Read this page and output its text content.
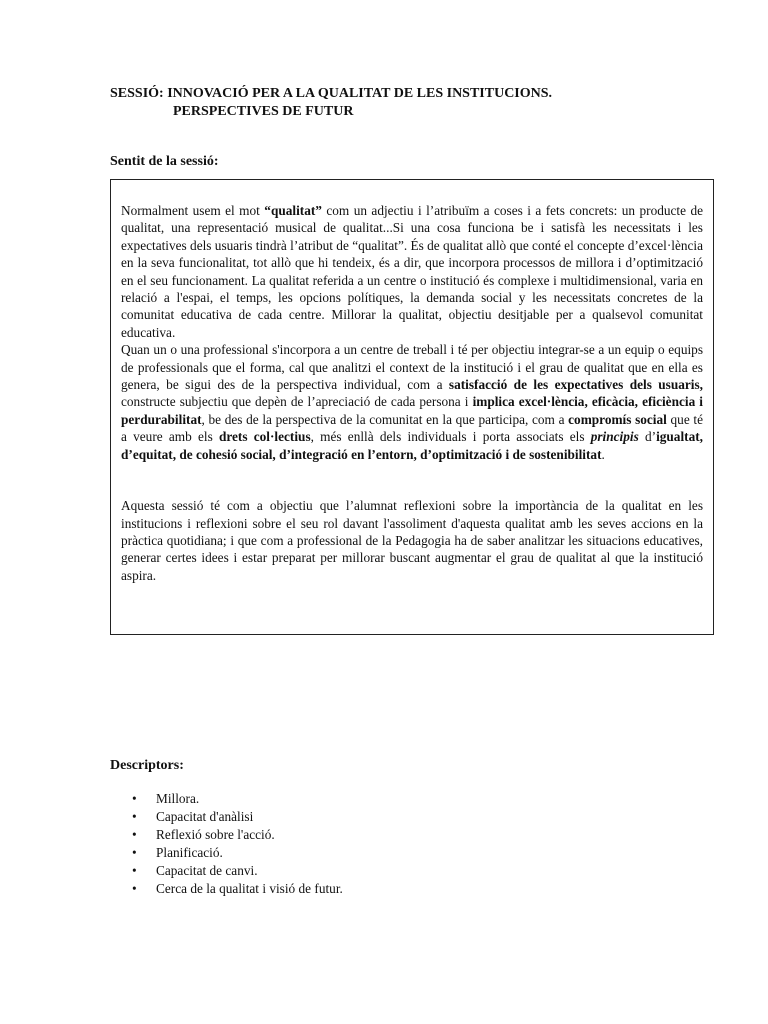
SESSIÓ: INNOVACIÓ PER A LA QUALITAT DE LES INSTITUCIONS.
PERSPECTIVES DE FUTUR
Sentit de la sessió:

Normalment usem el mot “qualitat” com un adjectiu i l’atribuïm a coses i a fets concrets: un producte de qualitat, una representació musical de qualitat...Si una cosa funciona be i satisfà les necessitats i les expectatives dels usuaris tindrà l’atribut de “qualitat”. És de qualitat allò que conté el concepte d’excel·lència en la seva funcionalitat, tot allò que hi tendeix, és a dir, que incorpora processos de millora i d’optimització en el seu funcionament. La qualitat referida a un centre o institució és complexe i multidimensional, varia en relació a l'espai, el temps, les opcions polítiques, la demanda social y les necessitats concretes de la comunitat educativa de cada centre. Millorar la qualitat, objectiu desitjable per a qualsevol comunitat educativa.

Quan un o una professional s'incorpora a un centre de treball i té per objectiu integrar-se a un equip o equips de professionals que el forma, cal que analitzi el context de la institució i el grau de qualitat que en ella es genera, be sigui des de la perspectiva individual, com a satisfacció de les expectatives dels usuaris, constructe subjectiu que depèn de l’apreciació de cada persona i implica excel·lència, eficàcia, eficiència i perdurabilitat, be des de la perspectiva de la comunitat en la que participa, com a compromís social que té a veure amb els drets col·lectius, més enllà dels individuals i porta associats els principis d’igualtat, d’equitat, de cohesió social, d’integració en l’entorn, d’optimització i de sostenibilitat.

Aquesta sessió té com a objectiu que l’alumnat reflexioni sobre la importància de la qualitat en les institucions i reflexioni sobre el seu rol davant l'assoliment d'aquesta qualitat amb les seves accions en la pràctica quotidiana; i que com a professional de la Pedagogia ha de saber analitzar les situacions educatives, generar certes idees i estar preparat per millorar buscant augmentar el grau de qualitat al que la institució aspira.

Descriptors:
• Millora.
• Capacitat d'anàlisi
• Reflexió sobre l'acció.
• Planificació.
• Capacitat de canvi.
• Cerca de la qualitat i visió de futur.
